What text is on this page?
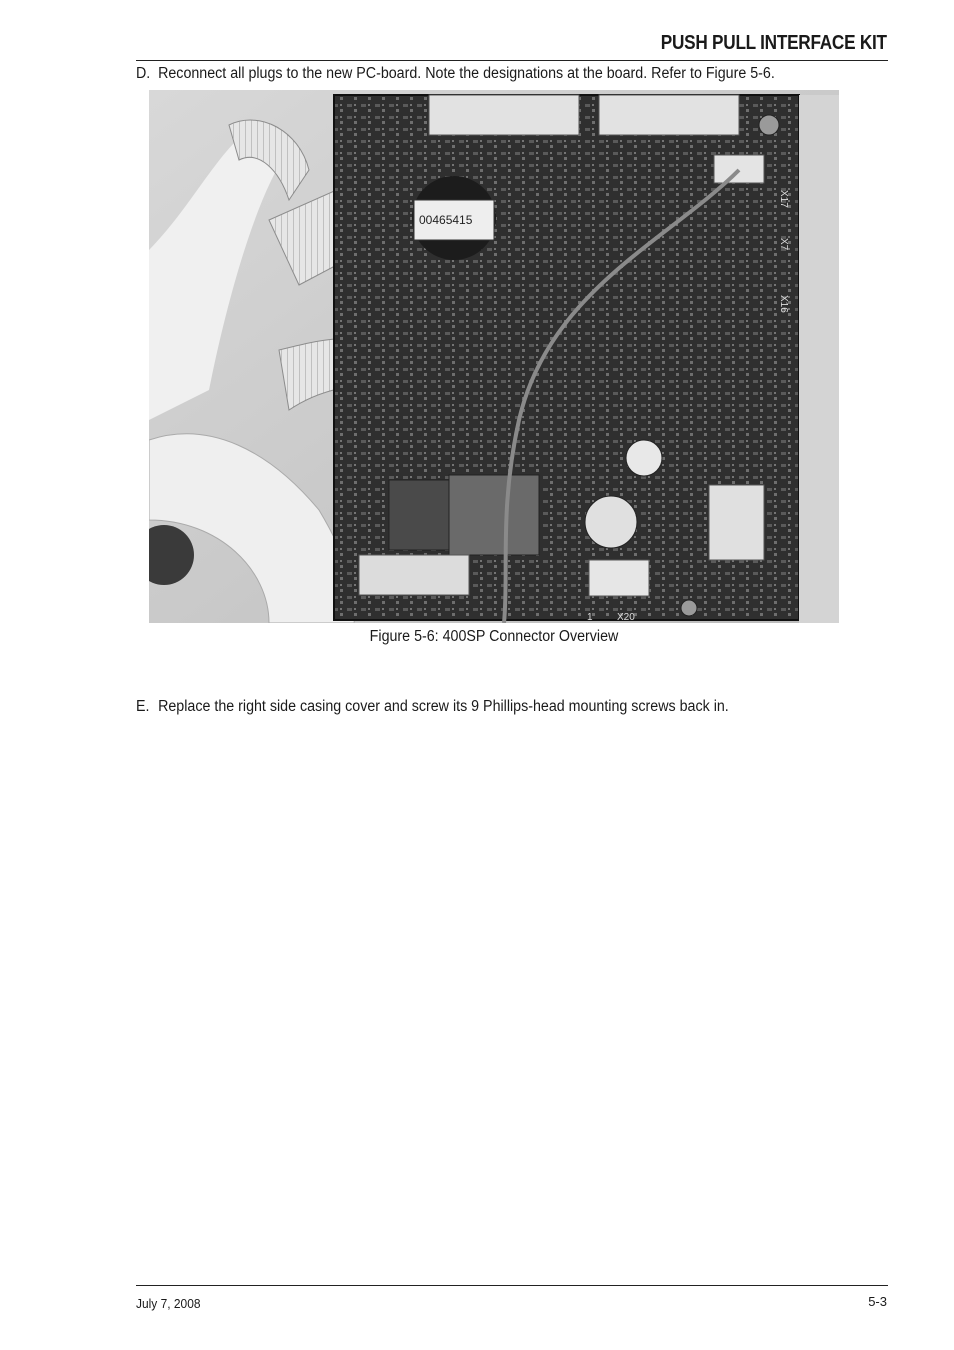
PUSH PULL INTERFACE KIT
D. Reconnect all plugs to the new PC-board. Note the designations at the board. Refer to Figure 5-6.
00465415
X17
X7
X16
X20
1
Figure 5-6: 400SP Connector Overview
E. Replace the right side casing cover and screw its 9 Phillips-head mounting screws back in.
July 7, 2008	5-3
